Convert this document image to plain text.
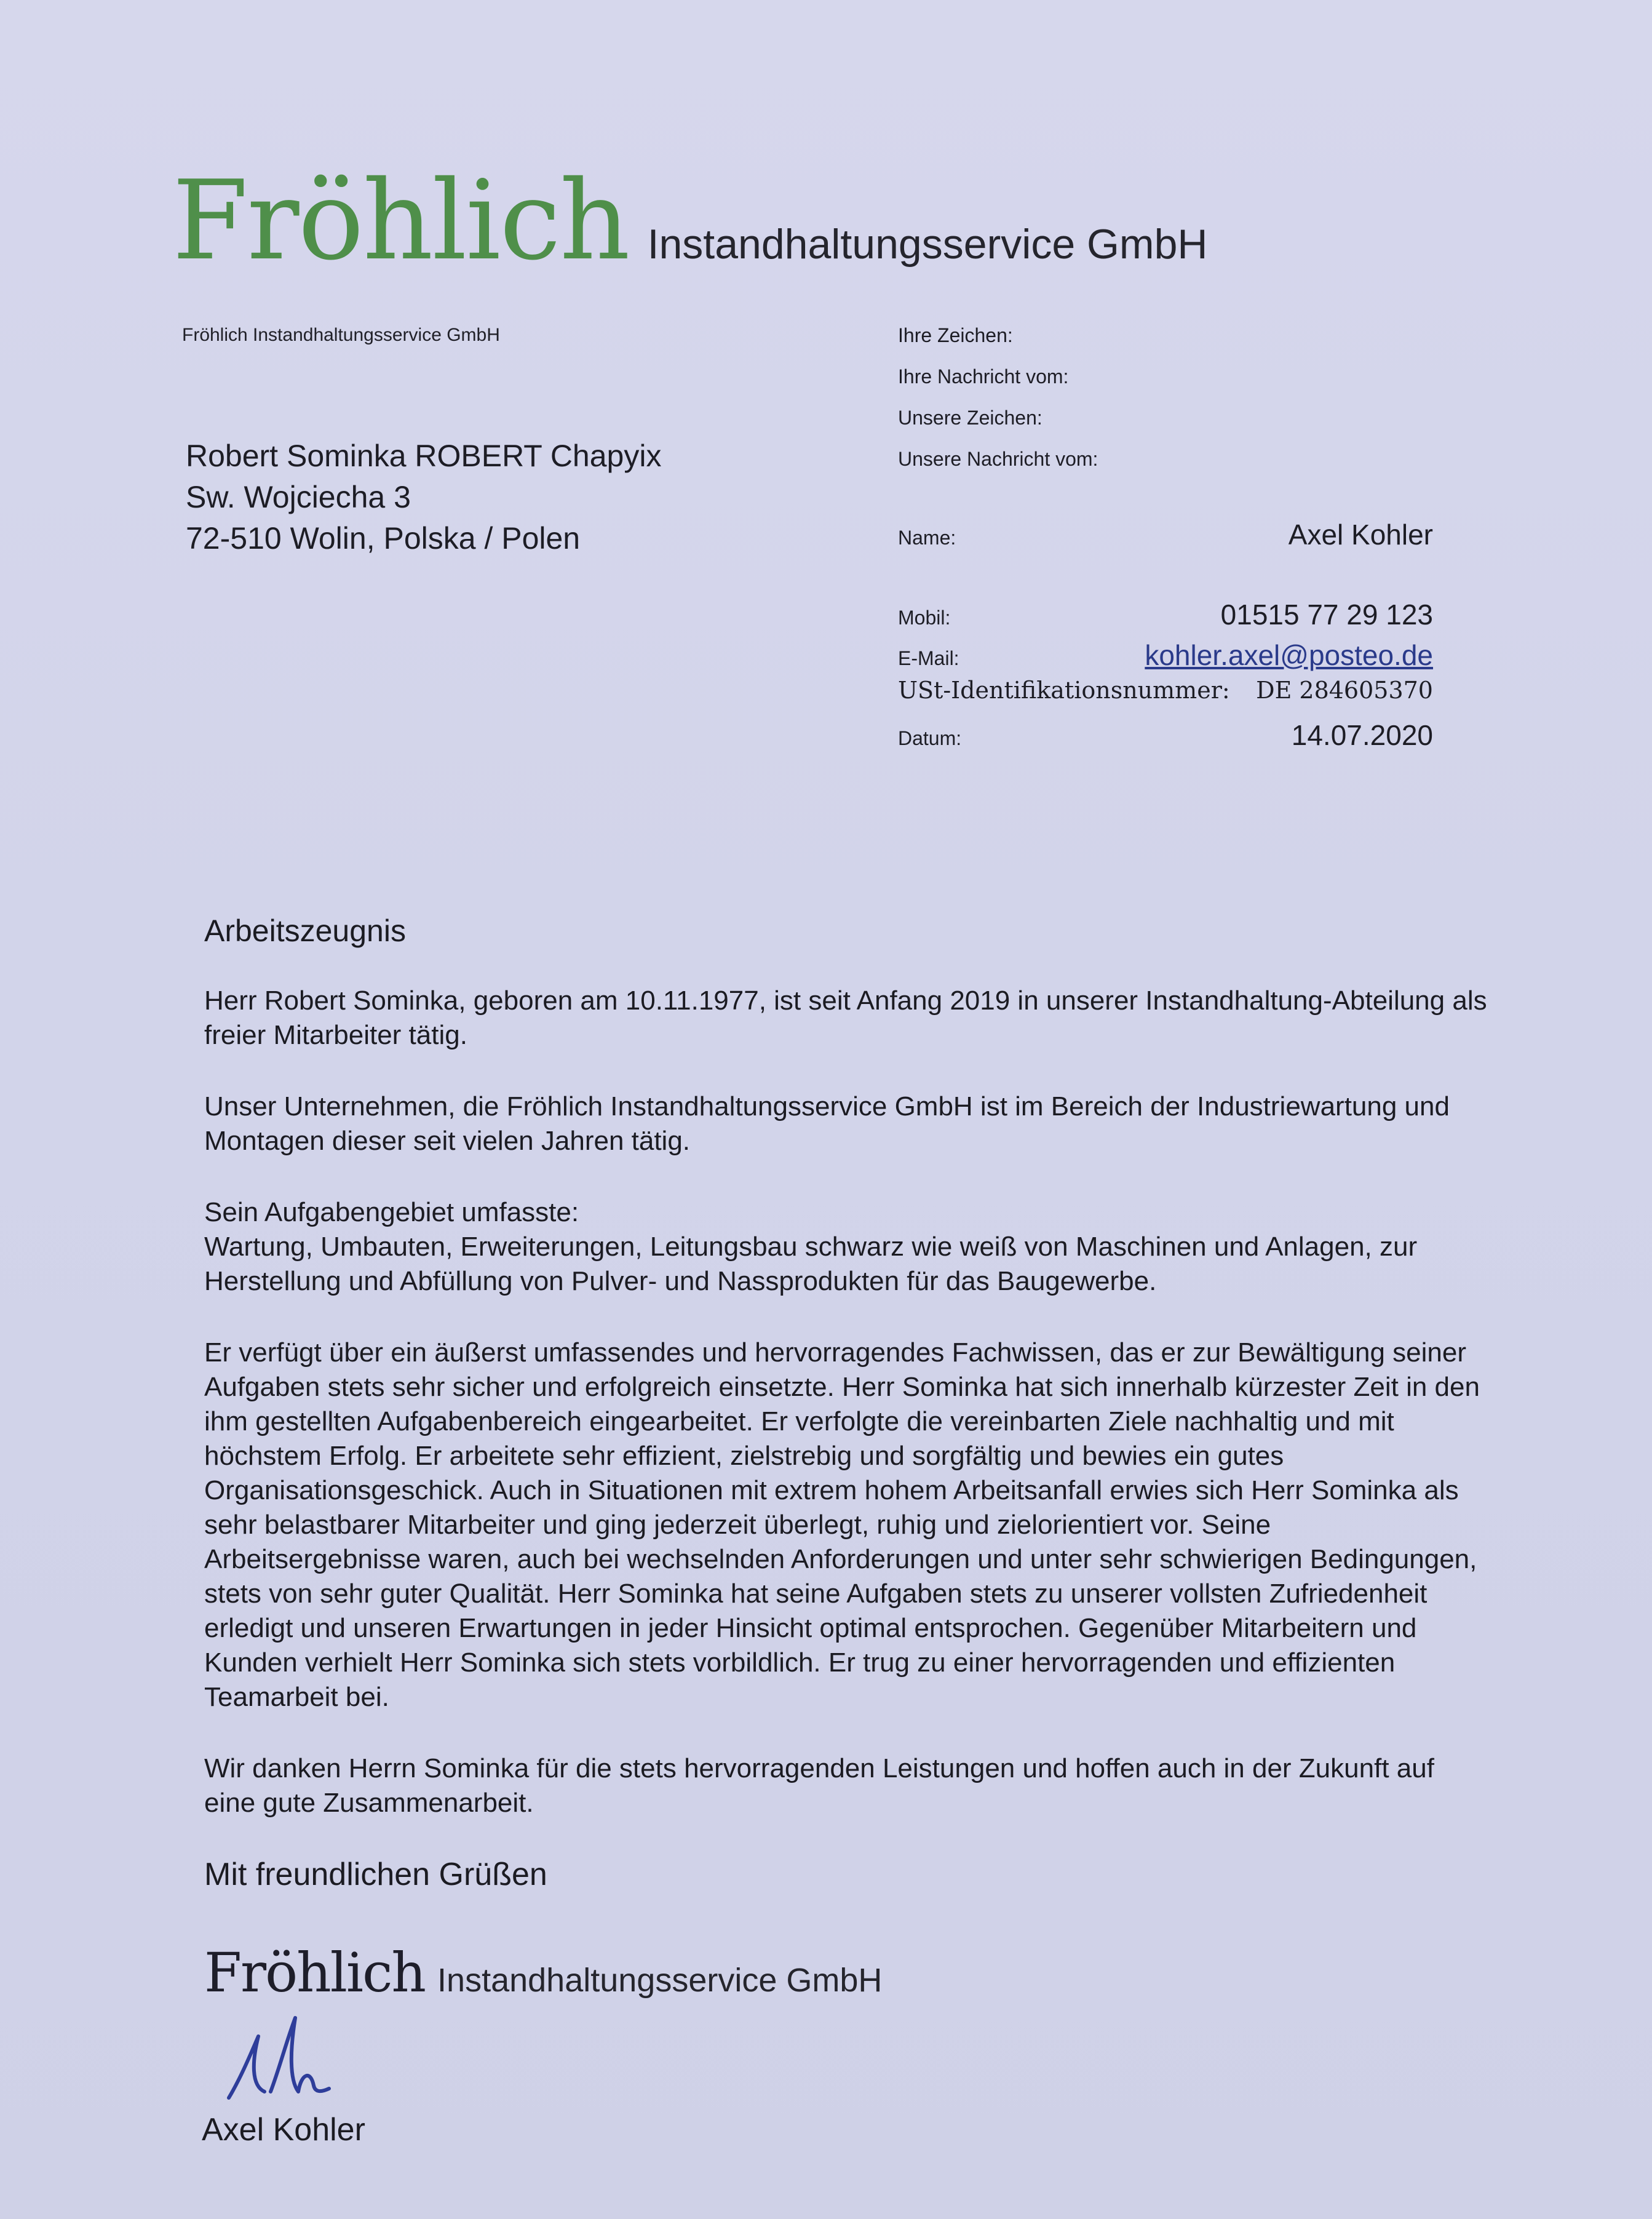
Fröhlich Instandhaltungsservice GmbH
Fröhlich Instandhaltungsservice GmbH
Robert Sominka ROBERT Chapyix
Sw. Wojciecha 3
72-510 Wolin, Polska / Polen
Ihre Zeichen:
Ihre Nachricht vom:
Unsere Zeichen:
Unsere Nachricht vom:
Name:	Axel Kohler
Mobil:	01515 77 29 123
E-Mail:	kohler.axel@posteo.de
USt-Identifikationsnummer: DE 284605370
Datum:	14.07.2020
Arbeitszeugnis

Herr Robert Sominka, geboren am 10.11.1977, ist seit Anfang 2019 in unserer Instandhaltung-Abteilung als freier Mitarbeiter tätig.

Unser Unternehmen, die Fröhlich Instandhaltungsservice GmbH ist im Bereich der Industriewartung und Montagen dieser seit vielen Jahren tätig.

Sein Aufgabengebiet umfasste:
Wartung, Umbauten, Erweiterungen, Leitungsbau schwarz wie weiß von Maschinen und Anlagen, zur Herstellung und Abfüllung von Pulver- und Nassprodukten für das Baugewerbe.

Er verfügt über ein äußerst umfassendes und hervorragendes Fachwissen, das er zur Bewältigung seiner Aufgaben stets sehr sicher und erfolgreich einsetzte. Herr Sominka hat sich innerhalb kürzester Zeit in den ihm gestellten Aufgabenbereich eingearbeitet. Er verfolgte die vereinbarten Ziele nachhaltig und mit höchstem Erfolg. Er arbeitete sehr effizient, zielstrebig und sorgfältig und bewies ein gutes Organisationsgeschick. Auch in Situationen mit extrem hohem Arbeitsanfall erwies sich Herr Sominka als sehr belastbarer Mitarbeiter und ging jederzeit überlegt, ruhig und zielorientiert vor. Seine Arbeitsergebnisse waren, auch bei wechselnden Anforderungen und unter sehr schwierigen Bedingungen, stets von sehr guter Qualität. Herr Sominka hat seine Aufgaben stets zu unserer vollsten Zufriedenheit erledigt und unseren Erwartungen in jeder Hinsicht optimal entsprochen. Gegenüber Mitarbeitern und Kunden verhielt Herr Sominka sich stets vorbildlich. Er trug zu einer hervorragenden und effizienten Teamarbeit bei.

Wir danken Herrn Sominka für die stets hervorragenden Leistungen und hoffen auch in der Zukunft auf eine gute Zusammenarbeit.

Mit freundlichen Grüßen
Fröhlich Instandhaltungsservice GmbH
Axel Kohler
